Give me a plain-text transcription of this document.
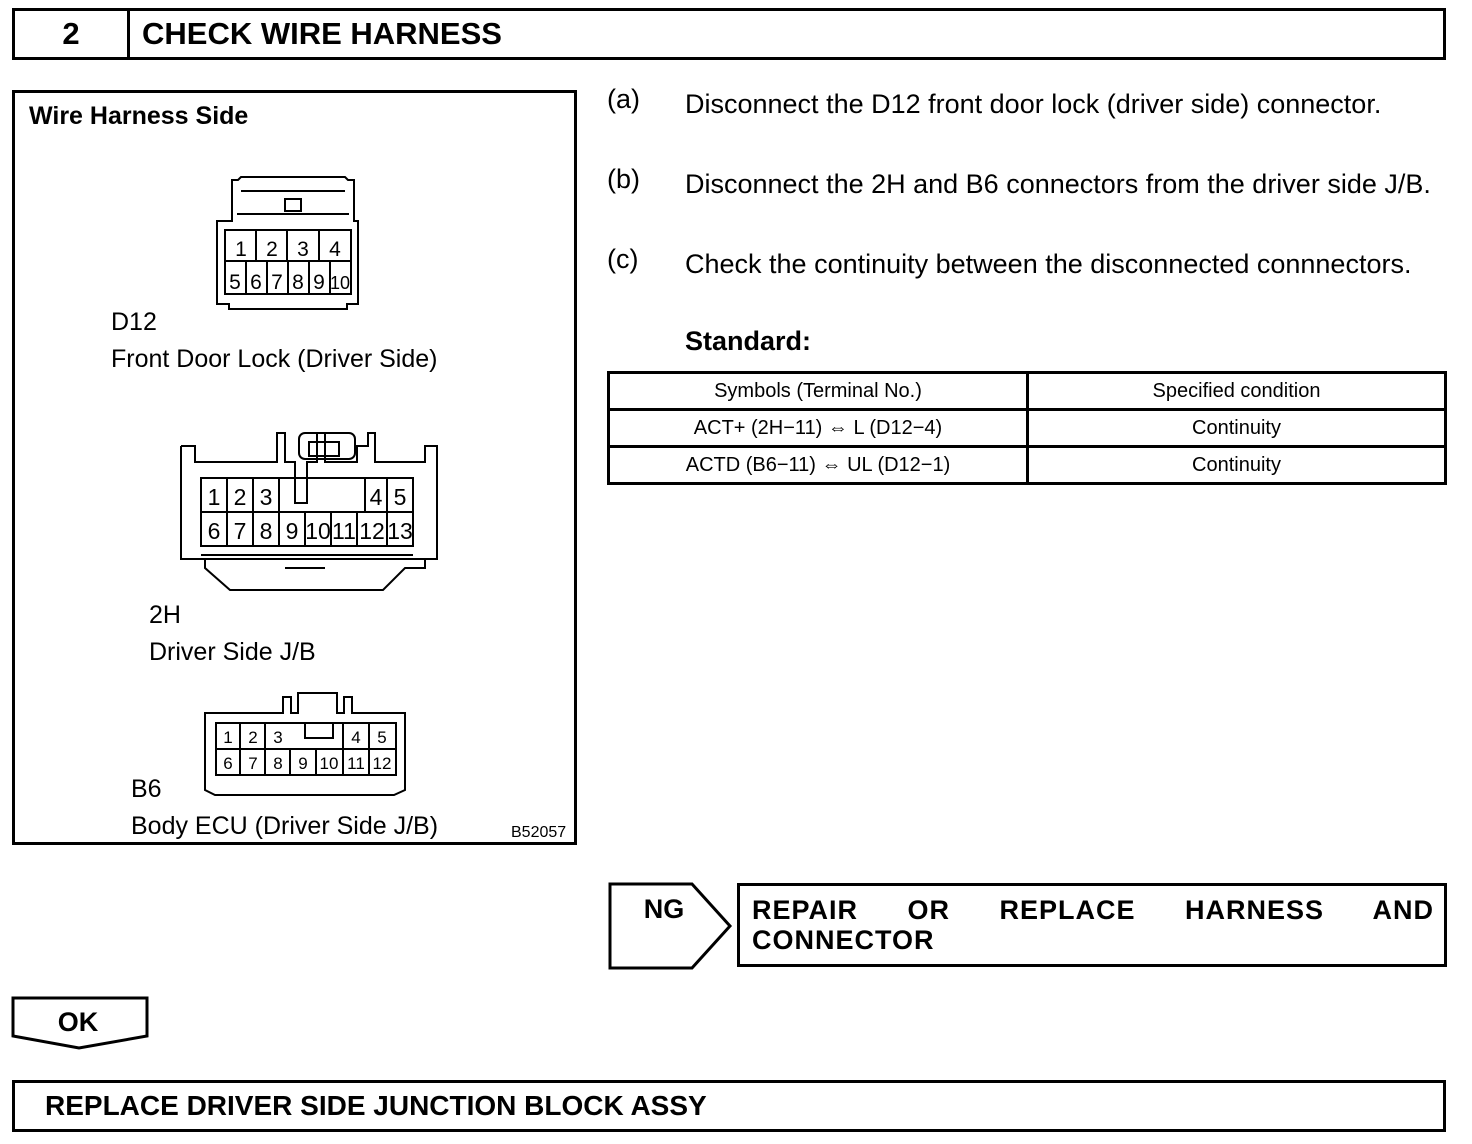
2	CHECK WIRE HARNESS
Wire Harness Side
1 2 3 4
5 6 7 8 9 10
D12
Front Door Lock (Driver Side)
1 2 3	4 5
6 7 8 9 10 11 12 13
2H
Driver Side J/B
1 2 3	4 5
6 7 8 9 10 11 12
B6
Body ECU (Driver Side J/B)	B52057
(a) Disconnect the D12 front door lock (driver side) connector.
(b) Disconnect the 2H and B6 connectors from the driver side J/B.
(c) Check the continuity between the disconnected connnectors.
Standard:
Symbols (Terminal No.)	Specified condition
ACT+ (2H−11) ⇔ L (D12−4)	Continuity
ACTD (B6−11) ⇔ UL (D12−1)	Continuity
NG	REPAIR OR REPLACE HARNESS AND
CONNECTOR
OK
REPLACE DRIVER SIDE JUNCTION BLOCK ASSY
